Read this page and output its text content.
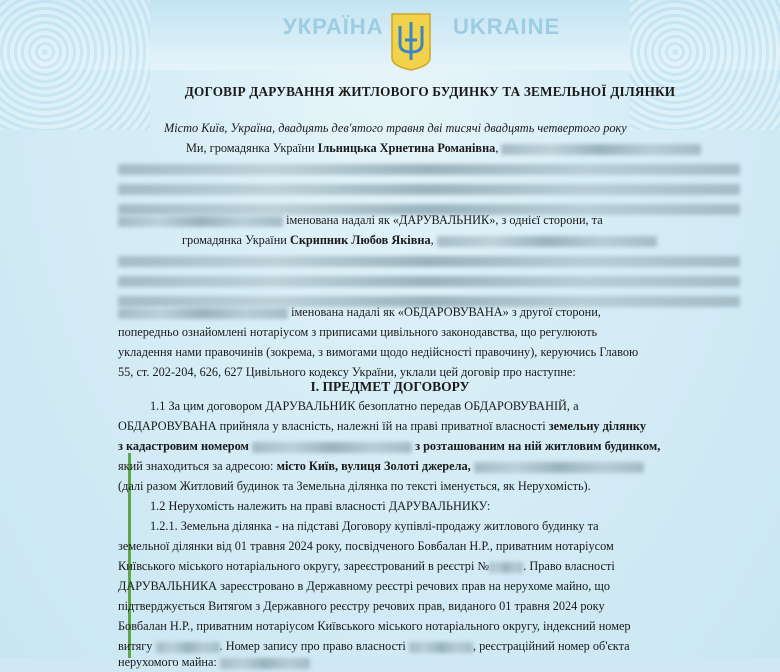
УКРАЇНА	UKRAINE
ДОГОВІР ДАРУВАННЯ ЖИТЛОВОГО БУДИНКУ ТА ЗЕМЕЛЬНОЇ ДІЛЯНКИ
Місто Київ, Україна, двадцять дев'ятого травня дві тисячі двадцять четвертого року
Ми, громадянка України Ільницька Хрнетина Романівна,
іменована надалі як «ДАРУВАЛЬНИК», з однієї сторони, та
громадянка України Скрипник Любов Яківна,
іменована надалі як «ОБДАРОВУВАНА» з другої сторони,
попередньо ознайомлені нотаріусом з приписами цивільного законодавства, що регулюють
укладення нами правочинів (зокрема, з вимогами щодо недійсності правочину), керуючись Главою
55, ст. 202-204, 626, 627 Цивільного кодексу України, уклали цей договір про наступне:
I. ПРЕДМЕТ ДОГОВОРУ
1.1 За цим договором ДАРУВАЛЬНИК безоплатно передав ОБДАРОВУВАНІЙ, а
ОБДАРОВУВАНА прийняла у власність, належні їй на праві приватної власності земельну ділянку
з кадастровим номером	з розташованим на ній житловим будинком,
який знаходиться за адресою: місто Київ, вулиця Золоті джерела,
(далі разом Житловий будинок та Земельна ділянка по тексті іменується, як Нерухомість).
1.2 Нерухомість належить на праві власності ДАРУВАЛЬНИКУ:
1.2.1. Земельна ділянка - на підставі Договору купівлі-продажу житлового будинку та
земельної ділянки від 01 травня 2024 року, посвідченого Бовбалан Н.Р., приватним нотаріусом
Київського міського нотаріального округу, зареєстрований в реєстрі №	. Право власності
ДАРУВАЛЬНИКА зареєстровано в Державному реєстрі речових прав на нерухоме майно, що
підтверджується Витягом з Державного реєстру речових прав, виданого 01 травня 2024 року
Бовбалан Н.Р., приватним нотаріусом Київського міського нотаріального округу, індексний номер
витягу	. Номер запису про право власності	, реєстраційний номер об'єкта
нерухомого майна:
